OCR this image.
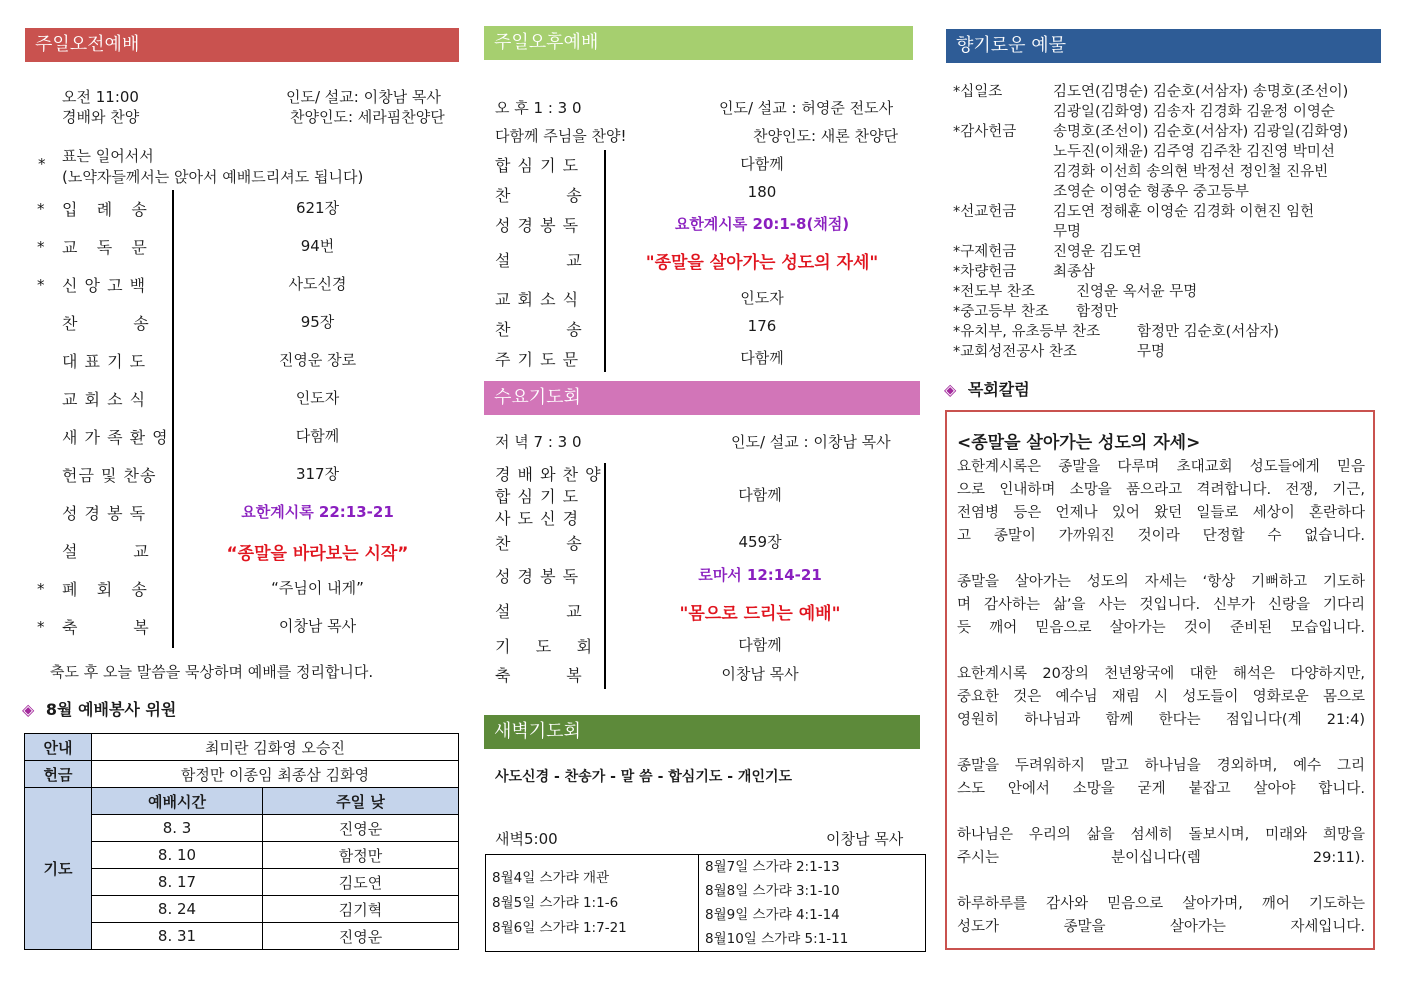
주일오전예배
오전 11:00	인도/ 설교: 이창남 목사
경배와 찬양	찬양인도: 세라핌찬양단
* 표는 일어서서
(노약자들께서는 앉아서 예배드리셔도 됩니다)
* 입   례   송	621장
* 교   독   문	94번
* 신 앙 고 백	사도신경
찬         송	95장
대 표 기 도	진영운 장로
교 회 소 식	인도자
새 가 족 환 영	다함께
헌금 및 찬송	317장
성 경 봉 독	요한계시록 22:13-21
설         교	“종말을 바라보는 시작”
* 폐   회   송	“주님이 내게”
* 축         복	이창남 목사
축도 후 오늘 말씀을 묵상하며 예배를 정리합니다.
◈ 8월 예배봉사 위원
안내	최미란 김화영 오승진	
헌금	함정만 이종임 최종삼 김화영	
기도	예배시간	주일 낮
	8. 3	진영운
	8. 10	함정만
	8. 17	김도연
	8. 24	김기혁
	8. 31	진영운
주일오후예배
오 후 1 : 3 0	인도/ 설교 : 허영준 전도사
다함께 주님을 찬양!	찬양인도: 새론 찬양단
합 심 기 도	다함께
찬         송	180
성 경 봉 독	요한계시록 20:1-8(채점)
설         교	"종말을 살아가는 성도의 자세"
교 회 소 식	인도자
찬         송	176
주 기 도 문	다함께
수요기도회
저 녁 7 : 3 0	인도/ 설교 : 이창남 목사
경 배 와 찬 양
합 심 기 도	다함께
사 도 신 경
찬         송	459장
성 경 봉 독	로마서 12:14-21
설         교	"몸으로 드리는 예배"
기    도    회	다함께
축         복	이창남 목사
새벽기도회
사도신경 - 찬송가 - 말 씀 - 합심기도 - 개인기도
새벽5:00	이창남 목사
8월4일 스가랴 개관
8월5일 스가랴 1:1-6
8월6일 스가랴 1:7-21

8월7일 스가랴 2:1-13
8월8일 스가랴 3:1-10
8월9일 스가랴 4:1-14
8월10일 스가랴 5:1-11
향기로운 예물
*십일조	김도연(김명순) 김순호(서삼자) 송명호(조선이)
김광일(김화영) 김송자 김경화 김윤정 이영순
*감사헌금	송명호(조선이) 김순호(서삼자) 김광일(김화영)
노두진(이채윤) 김주영 김주찬 김진영 박미선
김경화 이선희 송의현 박정선 정인철 진유빈
조영순 이영순 형종우 중고등부
*선교헌금	김도연 정해훈 이영순 김경화 이현진 임헌
무명
*구제헌금	진영운 김도연
*차량헌금	최종삼
*전도부 찬조	진영운 옥서윤 무명
*중고등부 찬조 함정만
*유치부, 유초등부 찬조	함정만 김순호(서삼자)
*교회성전공사 찬조	무명
◈ 목회칼럼
<종말을 살아가는 성도의 자세>
요한계시록은 종말을 다루며 초대교회 성도들에게 믿음
으로 인내하며 소망을 품으라고 격려합니다. 전쟁, 기근,
전염병 등은 언제나 있어 왔던 일들로 세상이 혼란하다
고 종말이 가까워진 것이라 단정할 수 없습니다.
종말을 살아가는 성도의 자세는 ‘항상 기뻐하고 기도하
며 감사하는 삶’을 사는 것입니다. 신부가 신랑을 기다리
듯 깨어 믿음으로 살아가는 것이 준비된 모습입니다.
요한계시록 20장의 천년왕국에 대한 해석은 다양하지만,
중요한 것은 예수님 재림 시 성도들이 영화로운 몸으로
영원히 하나님과 함께 한다는 점입니다(계 21:4)
종말을 두려워하지 말고 하나님을 경외하며, 예수 그리
스도 안에서 소망을 굳게 붙잡고 살아야 합니다.
하나님은 우리의 삶을 섬세히 돌보시며, 미래와 희망을
주시는 분이십니다(렘 29:11).
하루하루를 감사와 믿음으로 살아가며, 깨어 기도하는
성도가 종말을 살아가는 자세입니다.
